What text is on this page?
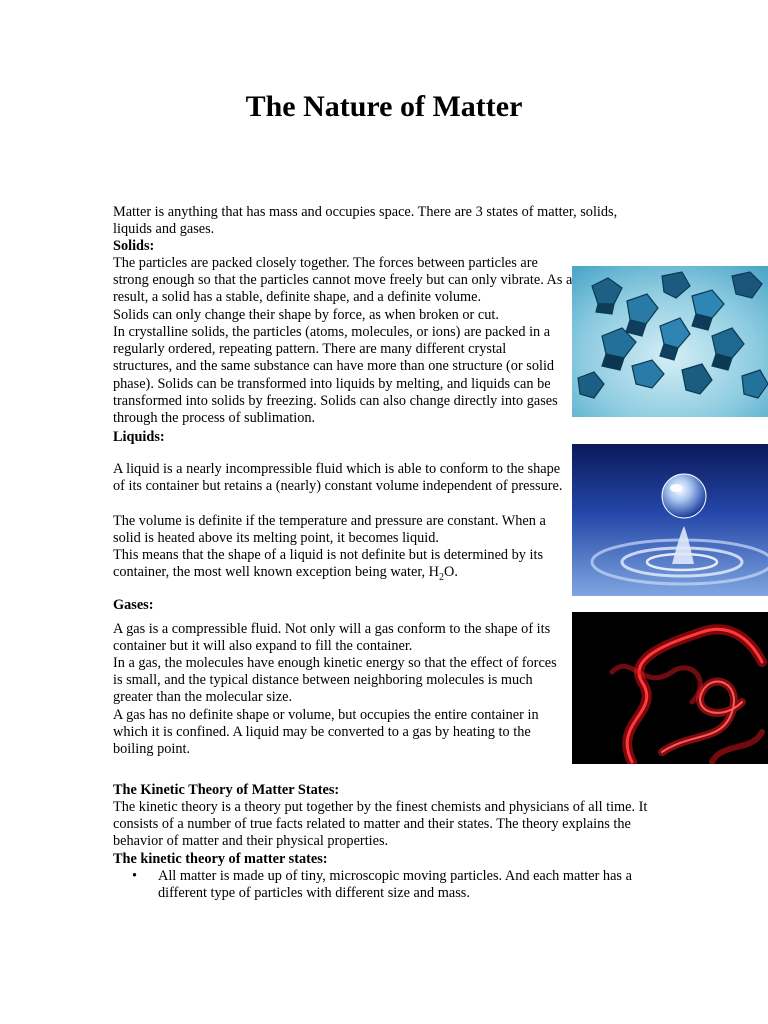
The Nature of Matter

Matter is anything that has mass and occupies space. There are 3 states of matter, solids, liquids and gases.

Solids:

The particles are packed closely together. The forces between particles are strong enough so that the particles cannot move freely but can only vibrate. As a result, a solid has a stable, definite shape, and a definite volume.

Solids can only change their shape by force, as when broken or cut.

In crystalline solids, the particles (atoms, molecules, or ions) are packed in a regularly ordered, repeating pattern. There are many different crystal structures, and the same substance can have more than one structure (or solid phase). Solids can be transformed into liquids by melting, and liquids can be transformed into solids by freezing. Solids can also change directly into gases through the process of sublimation.

Liquids:

A liquid is a nearly incompressible fluid which is able to conform to the shape of its container but retains a (nearly) constant volume independent of pressure.

The volume is definite if the temperature and pressure are constant. When a solid is heated above its melting point, it becomes liquid.

This means that the shape of a liquid is not definite but is determined by its container, the most well known exception being water, $H_2O$.

Gases:

A gas is a compressible fluid. Not only will a gas conform to the shape of its container but it will also expand to fill the container.

In a gas, the molecules have enough kinetic energy so that the effect of forces is small, and the typical distance between neighboring molecules is much greater than the molecular size.

A gas has no definite shape or volume, but occupies the entire container in which it is confined. A liquid may be converted to a gas by heating to the boiling point.

The Kinetic Theory of Matter States:

The kinetic theory is a theory put together by the finest chemists and physicians of all time. It consists of a number of true facts related to matter and their states. The theory explains the behavior of matter and their physical properties.

The kinetic theory of matter states:

• All matter is made up of tiny, microscopic moving particles. And each matter has a different type of particles with different size and mass.
